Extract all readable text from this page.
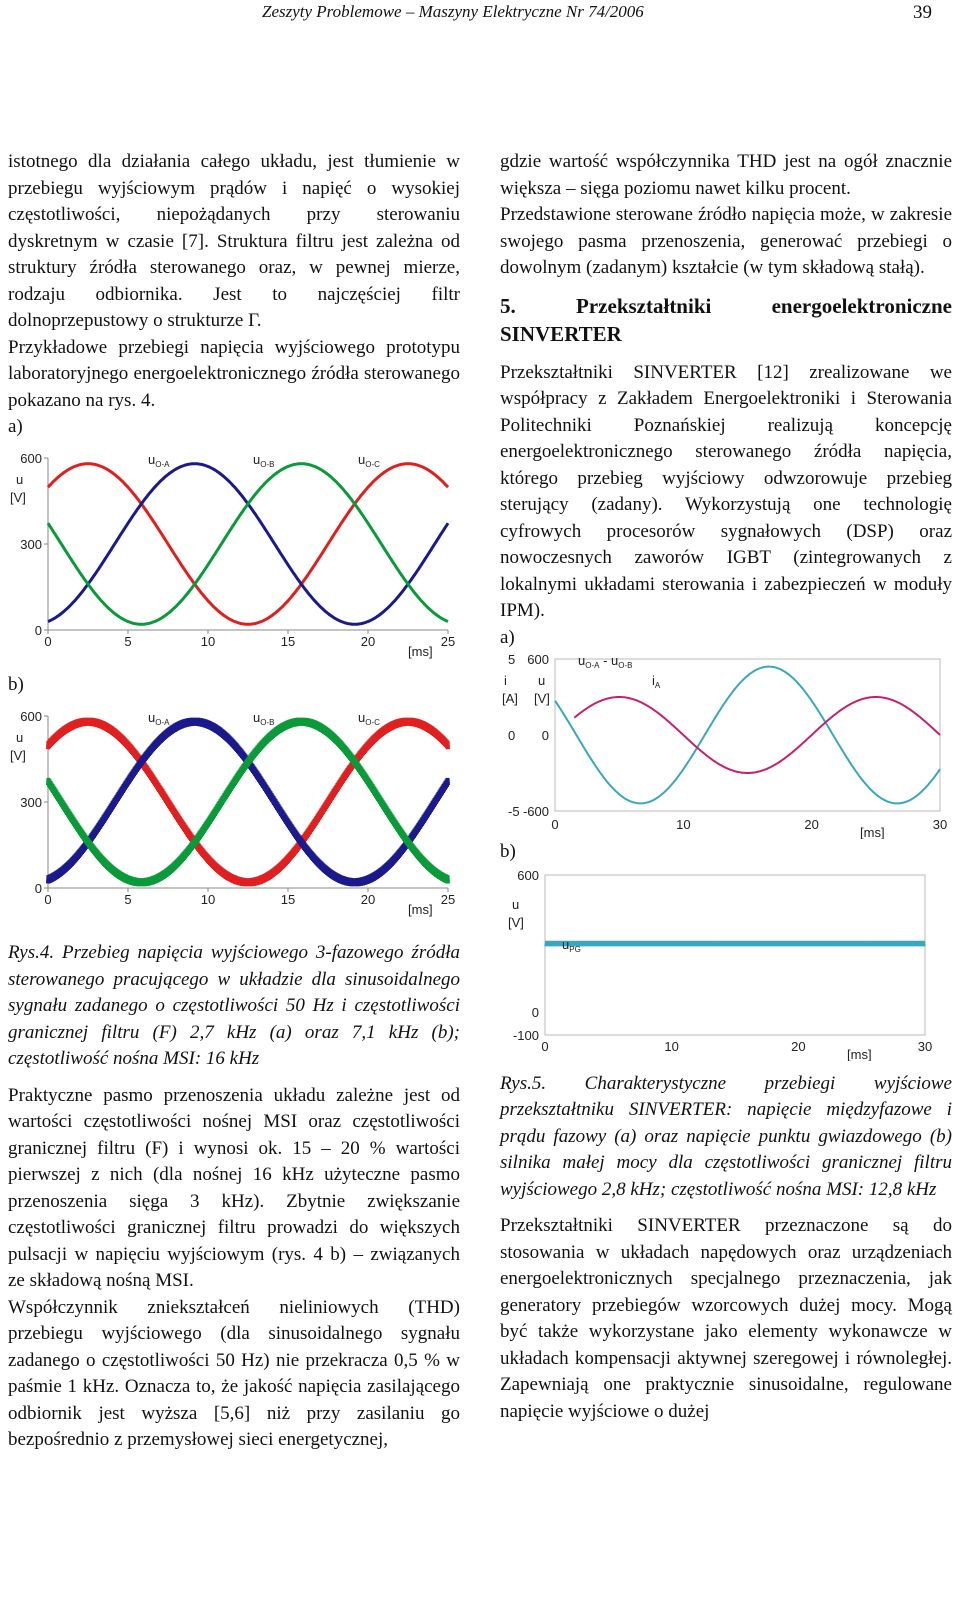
Zeszyty Problemowe – Maszyny Elektryczne Nr 74/2006	39

istotnego dla działania całego układu, jest tłumienie w przebiegu wyjściowym prądów i napięć o wysokiej częstotliwości, niepożądanych przy sterowaniu dyskretnym w czasie [7]. Struktura filtru jest zależna od struktury źródła sterowanego oraz, w pewnej mierze, rodzaju odbiornika. Jest to najczęściej filtr dolnoprzepustowy o strukturze Γ.

Przykładowe przebiegi napięcia wyjściowego prototypu laboratoryjnego energoelektronicznego źródła sterowanego pokazano na rys. 4.

a)
600
300
0
u
[V]
0	5	10	15	20	25
[ms]
$u_{O-A}$	$u_{O-B}$	$u_{O-C}$
b)
600
300
0
u
[V]
0	5	10	15	20	25
[ms]
$u_{O-A}$	$u_{O-B}$	$u_{O-C}$

Rys.4. Przebieg napięcia wyjściowego 3-fazowego źródła sterowanego pracującego w układzie dla sinusoidalnego sygnału zadanego o częstotliwości 50 Hz i częstotliwości granicznej filtru (F) 2,7 kHz (a) oraz 7,1 kHz (b); częstotliwość nośna MSI: 16 kHz

Praktyczne pasmo przenoszenia układu zależne jest od wartości częstotliwości nośnej MSI oraz częstotliwości granicznej filtru (F) i wynosi ok. 15 – 20 % wartości pierwszej z nich (dla nośnej 16 kHz użyteczne pasmo przenoszenia sięga 3 kHz). Zbytnie zwiększanie częstotliwości granicznej filtru prowadzi do większych pulsacji w napięciu wyjściowym (rys. 4 b) – związanych ze składową nośną MSI.

Współczynnik zniekształceń nieliniowych (THD) przebiegu wyjściowego (dla sinusoidalnego sygnału zadanego o częstotliwości 50 Hz) nie przekracza 0,5 % w paśmie 1 kHz. Oznacza to, że jakość napięcia zasilającego odbiornik jest wyższa [5,6] niż przy zasilaniu go bezpośrednio z przemysłowej sieci energetycznej,

gdzie wartość współczynnika THD jest na ogół znacznie większa – sięga poziomu nawet kilku procent.

Przedstawione sterowane źródło napięcia może, w zakresie swojego pasma przenoszenia, generować przebiegi o dowolnym (zadanym) kształcie (w tym składową stałą).

5. Przekształtniki energoelektroniczne SINVERTER

Przekształtniki SINVERTER [12] zrealizowane we współpracy z Zakładem Energoelektroniki i Sterowania Politechniki Poznańskiej realizują koncepcję energoelektronicznego sterowanego źródła napięcia, którego przebieg wyjściowy odwzorowuje przebieg sterujący (zadany). Wykorzystują one technologię cyfrowych procesorów sygnałowych (DSP) oraz nowoczesnych zaworów IGBT (zintegrowanych z lokalnymi układami sterowania i zabezpieczeń w moduły IPM).

a)
600
0
-600
5
0
-5
u
[V]
i
[A]
0	10	20	30
[ms]
$u_{O-A} - u_{O-B}$
$i_A$
b)
600
0
-100
u
[V]
0	10	20	30
[ms]
$u_{PG}$

Rys.5. Charakterystyczne przebiegi wyjściowe przekształtniku SINVERTER: napięcie międzyfazowe i prądu fazowy (a) oraz napięcie punktu gwiazdowego (b) silnika małej mocy dla częstotliwości granicznej filtru wyjściowego 2,8 kHz; częstotliwość nośna MSI: 12,8 kHz

Przekształtniki SINVERTER przeznaczone są do stosowania w układach napędowych oraz urządzeniach energoelektronicznych specjalnego przeznaczenia, jak generatory przebiegów wzorcowych dużej mocy. Mogą być także wykorzystane jako elementy wykonawcze w układach kompensacji aktywnej szeregowej i równoległej. Zapewniają one praktycznie sinusoidalne, regulowane napięcie wyjściowe o dużej
